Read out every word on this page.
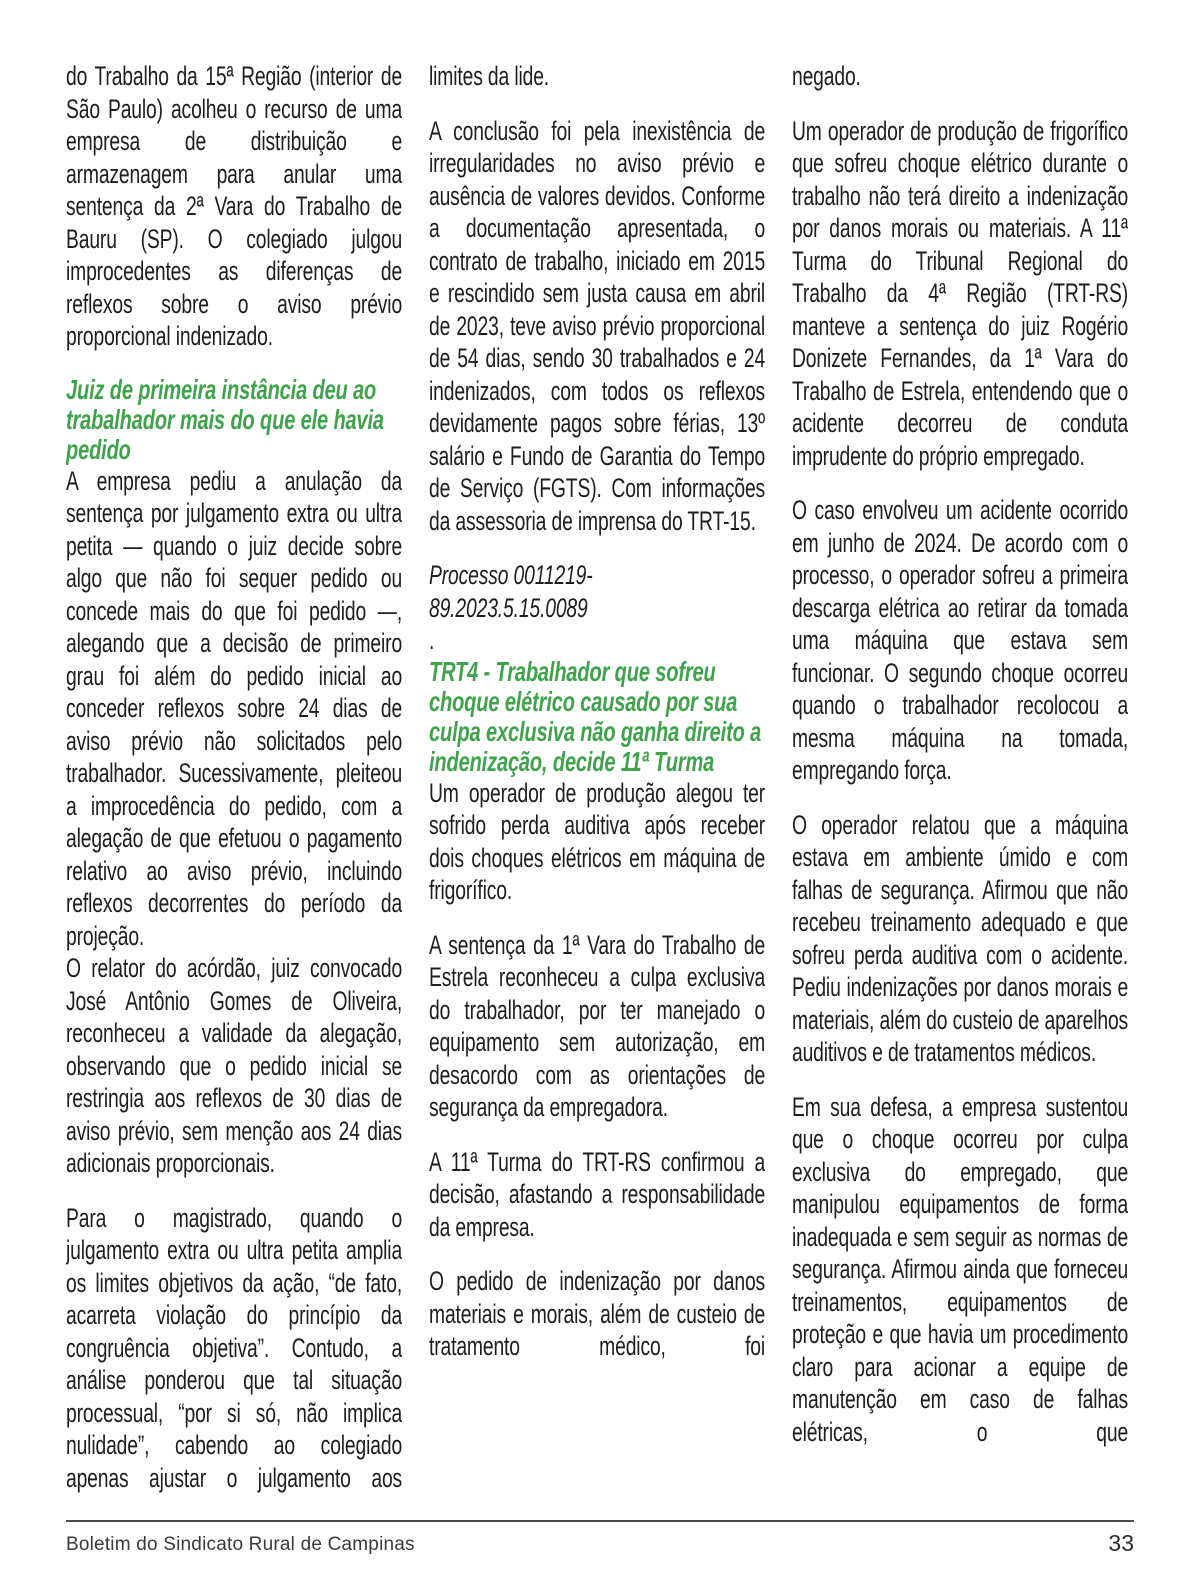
do Trabalho da 15ª Região (interior de São Paulo) acolheu o recurso de uma empresa de distribuição e armazenagem para anular uma sentença da 2ª Vara do Trabalho de Bauru (SP). O colegiado julgou improcedentes as diferenças de reflexos sobre o aviso prévio proporcional indenizado.

Juiz de primeira instância deu ao trabalhador mais do que ele havia pedido

A empresa pediu a anulação da sentença por julgamento extra ou ultra petita — quando o juiz decide sobre algo que não foi sequer pedido ou concede mais do que foi pedido —, alegando que a decisão de primeiro grau foi além do pedido inicial ao conceder reflexos sobre 24 dias de aviso prévio não solicitados pelo trabalhador. Sucessivamente, pleiteou a improcedência do pedido, com a alegação de que efetuou o pagamento relativo ao aviso prévio, incluindo reflexos decorrentes do período da projeção.

O relator do acórdão, juiz convocado José Antônio Gomes de Oliveira, reconheceu a validade da alegação, observando que o pedido inicial se restringia aos reflexos de 30 dias de aviso prévio, sem menção aos 24 dias adicionais proporcionais.

Para o magistrado, quando o julgamento extra ou ultra petita amplia os limites objetivos da ação, “de fato, acarreta violação do princípio da congruência objetiva”. Contudo, a análise ponderou que tal situação processual, “por si só, não implica nulidade”, cabendo ao colegiado apenas ajustar o julgamento aos

limites da lide.

A conclusão foi pela inexistência de irregularidades no aviso prévio e ausência de valores devidos. Conforme a documentação apresentada, o contrato de trabalho, iniciado em 2015 e rescindido sem justa causa em abril de 2023, teve aviso prévio proporcional de 54 dias, sendo 30 trabalhados e 24 indenizados, com todos os reflexos devidamente pagos sobre férias, 13º salário e Fundo de Garantia do Tempo de Serviço (FGTS). Com informações da assessoria de imprensa do TRT-15.

Processo 0011219-

89.2023.5.15.0089

.

TRT4 - Trabalhador que sofreu choque elétrico causado por sua culpa exclusiva não ganha direito a indenização, decide 11ª Turma

Um operador de produção alegou ter sofrido perda auditiva após receber dois choques elétricos em máquina de frigorífico.

A sentença da 1ª Vara do Trabalho de Estrela reconheceu a culpa exclusiva do trabalhador, por ter manejado o equipamento sem autorização, em desacordo com as orientações de segurança da empregadora.

A 11ª Turma do TRT-RS confirmou a decisão, afastando a responsabilidade da empresa.

O pedido de indenização por danos materiais e morais, além de custeio de tratamento médico, foi

negado.

Um operador de produção de frigorífico que sofreu choque elétrico durante o trabalho não terá direito a indenização por danos morais ou materiais. A 11ª Turma do Tribunal Regional do Trabalho da 4ª Região (TRT-RS) manteve a sentença do juiz Rogério Donizete Fernandes, da 1ª Vara do Trabalho de Estrela, entendendo que o acidente decorreu de conduta imprudente do próprio empregado.

O caso envolveu um acidente ocorrido em junho de 2024. De acordo com o processo, o operador sofreu a primeira descarga elétrica ao retirar da tomada uma máquina que estava sem funcionar. O segundo choque ocorreu quando o trabalhador recolocou a mesma máquina na tomada, empregando força.

O operador relatou que a máquina estava em ambiente úmido e com falhas de segurança. Afirmou que não recebeu treinamento adequado e que sofreu perda auditiva com o acidente. Pediu indenizações por danos morais e materiais, além do custeio de aparelhos auditivos e de tratamentos médicos.

Em sua defesa, a empresa sustentou que o choque ocorreu por culpa exclusiva do empregado, que manipulou equipamentos de forma inadequada e sem seguir as normas de segurança. Afirmou ainda que forneceu treinamentos, equipamentos de proteção e que havia um procedimento claro para acionar a equipe de manutenção em caso de falhas elétricas, o que

Boletim do Sindicato Rural de Campinas	33
